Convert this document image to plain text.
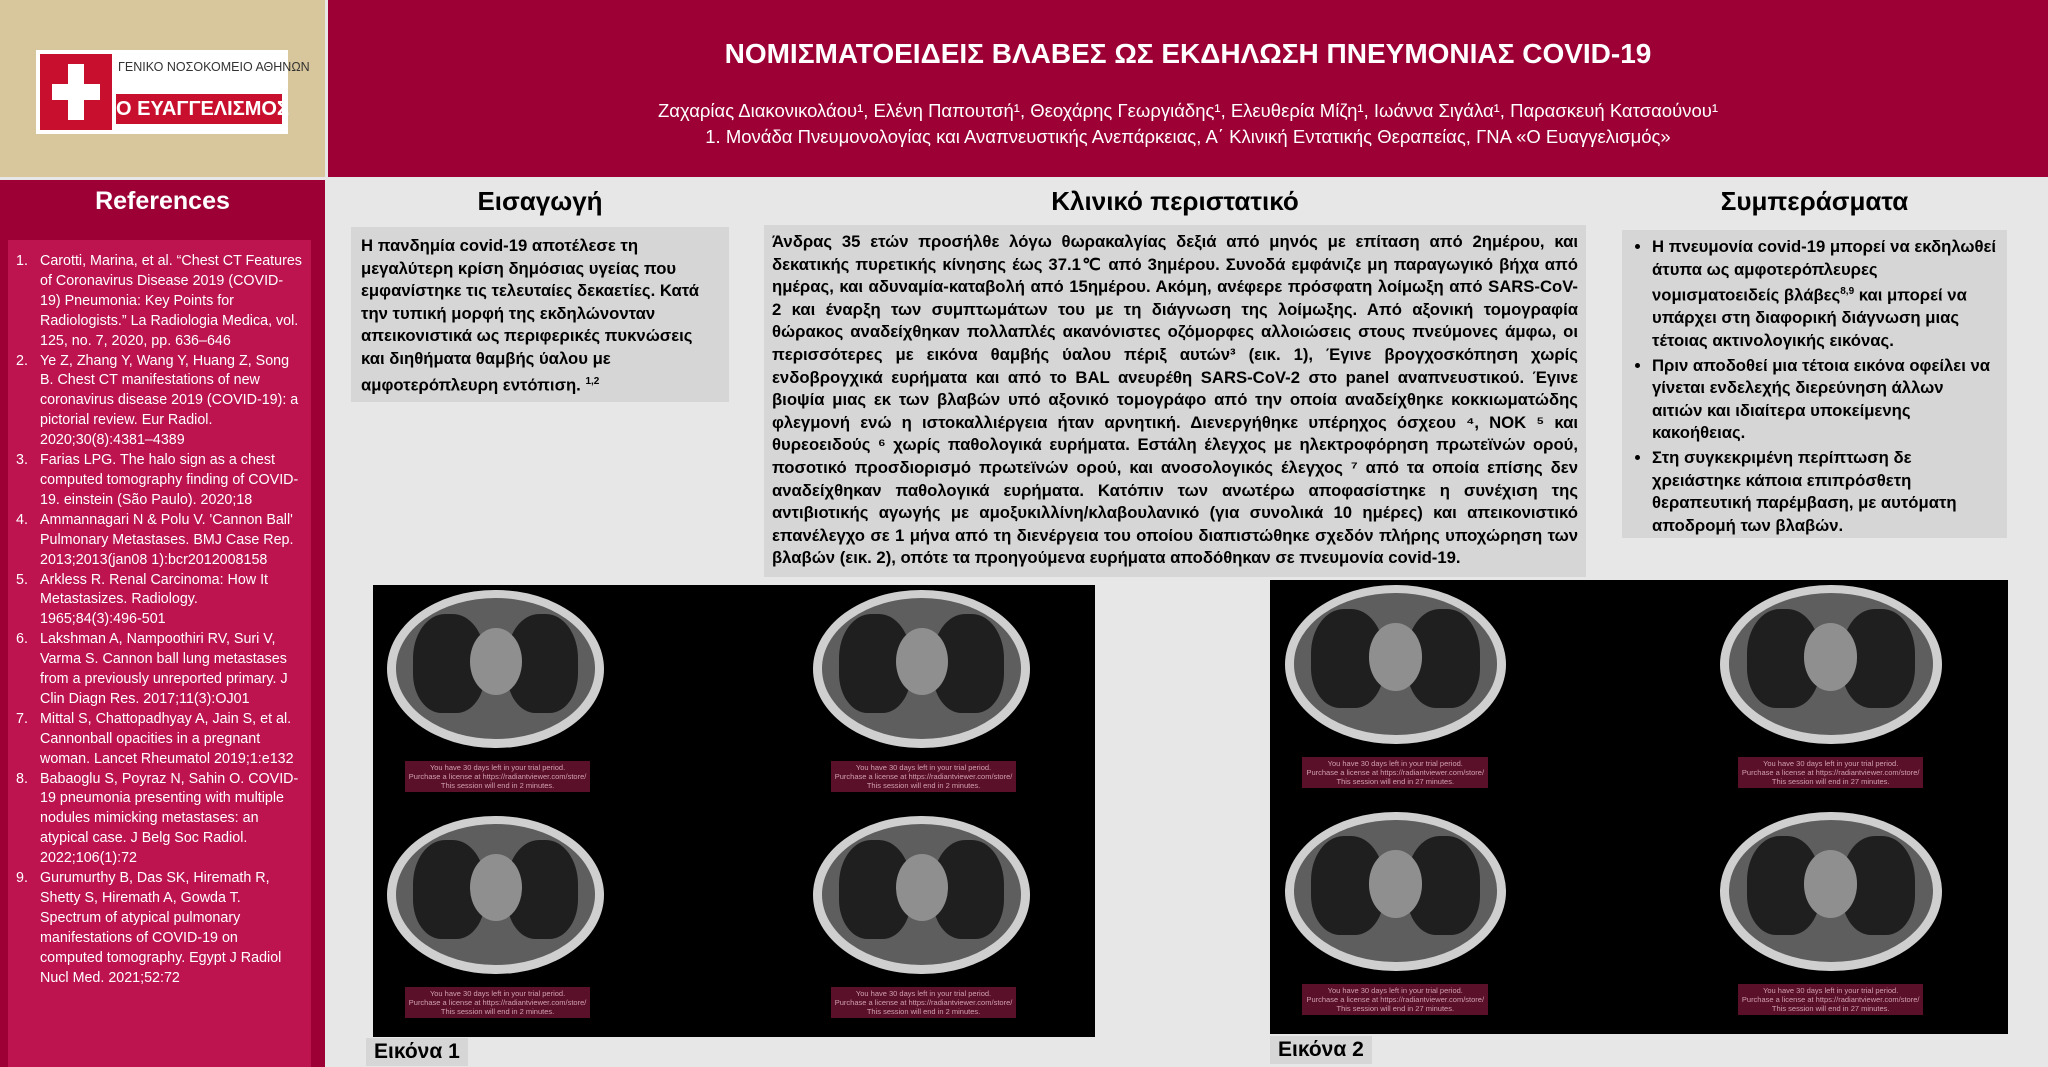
ΓΕΝΙΚΟ ΝΟΣΟΚΟΜΕΙΟ ΑΘΗΝΩΝ
Ο ΕΥΑΓΓΕΛΙΣΜΟΣ
ΝΟΜΙΣΜΑΤΟΕΙΔΕΙΣ ΒΛΑΒΕΣ ΩΣ ΕΚΔΗΛΩΣΗ ΠΝΕΥΜΟΝΙΑΣ COVID-19
Ζαχαρίας Διακονικολάου¹, Ελένη Παπουτσή¹, Θεοχάρης Γεωργιάδης¹, Ελευθερία Μίζη¹, Ιωάννα Σιγάλα¹, Παρασκευή Κατσαούνου¹
1. Μονάδα Πνευμονολογίας και Αναπνευστικής Ανεπάρκειας, Α΄ Κλινική Εντατικής Θεραπείας, ΓΝΑ «Ο Ευαγγελισμός»
References
1. Carotti, Marina, et al. “Chest CT Features of Coronavirus Disease 2019 (COVID-19) Pneumonia: Key Points for Radiologists.” La Radiologia Medica, vol. 125, no. 7, 2020, pp. 636–646
2. Ye Z, Zhang Y, Wang Y, Huang Z, Song B. Chest CT manifestations of new coronavirus disease 2019 (COVID-19): a pictorial review. Eur Radiol. 2020;30(8):4381–4389
3. Farias LPG. The halo sign as a chest computed tomography finding of COVID-19. einstein (São Paulo). 2020;18
4. Ammannagari N & Polu V. 'Cannon Ball' Pulmonary Metastases. BMJ Case Rep. 2013;2013(jan08 1):bcr2012008158
5. Arkless R. Renal Carcinoma: How It Metastasizes. Radiology. 1965;84(3):496-501
6. Lakshman A, Nampoothiri RV, Suri V, Varma S. Cannon ball lung metastases from a previously unreported primary. J Clin Diagn Res. 2017;11(3):OJ01
7. Mittal S, Chattopadhyay A, Jain S, et al. Cannonball opacities in a pregnant woman. Lancet Rheumatol 2019;1:e132
8. Babaoglu S, Poyraz N, Sahin O. COVID-19 pneumonia presenting with multiple nodules mimicking metastases: an atypical case. J Belg Soc Radiol. 2022;106(1):72
9. Gurumurthy B, Das SK, Hiremath R, Shetty S, Hiremath A, Gowda T. Spectrum of atypical pulmonary manifestations of COVID-19 on computed tomography. Egypt J Radiol Nucl Med. 2021;52:72
Εισαγωγή
Η πανδημία covid-19 αποτέλεσε τη μεγαλύτερη κρίση δημόσιας υγείας που εμφανίστηκε τις τελευταίες δεκαετίες. Κατά την τυπική μορφή της εκδηλώνονταν απεικονιστικά ως περιφερικές πυκνώσεις και διηθήματα θαμβής ύαλου με αμφοτερόπλευρη εντόπιση. $^{1,2}$
Κλινικό περιστατικό
Άνδρας 35 ετών προσήλθε λόγω θωρακαλγίας δεξιά από μηνός με επίταση από 2ημέρου, και δεκατικής πυρετικής κίνησης έως 37.1℃ από 3ημέρου. Συνοδά εμφάνιζε μη παραγωγικό βήχα από ημέρας, και αδυναμία-καταβολή από 15ημέρου. Ακόμη, ανέφερε πρόσφατη λοίμωξη από SARS-CoV-2 και έναρξη των συμπτωμάτων του με τη διάγνωση της λοίμωξης. Από αξονική τομογραφία θώρακος αναδείχθηκαν πολλαπλές ακανόνιστες οζόμορφες αλλοιώσεις στους πνεύμονες άμφω, οι περισσότερες με εικόνα θαμβής ύαλου πέριξ αυτών³ (εικ. 1), Έγινε βρογχοσκόπηση χωρίς ενδοβρογχικά ευρήματα και από το BAL ανευρέθη SARS-CoV-2 στο panel αναπνευστικού. Έγινε βιοψία μιας εκ των βλαβών υπό αξονικό τομογράφο από την οποία αναδείχθηκε κοκκιωματώδης φλεγμονή ενώ η ιστοκαλλιέργεια ήταν αρνητική. Διενεργήθηκε υπέρηχος όσχεου ⁴, ΝΟΚ ⁵ και θυρεοειδούς ⁶ χωρίς παθολογικά ευρήματα. Εστάλη έλεγχος με ηλεκτροφόρηση πρωτεϊνών ορού, ποσοτικό προσδιορισμό πρωτεϊνών ορού, και ανοσολογικός έλεγχος ⁷ από τα οποία επίσης δεν αναδείχθηκαν παθολογικά ευρήματα. Κατόπιν των ανωτέρω αποφασίστηκε η συνέχιση της αντιβιοτικής αγωγής με αμοξυκιλλίνη/κλαβουλανικό (για συνολικά 10 ημέρες) και απεικονιστικό επανέλεγχο σε 1 μήνα από τη διενέργεια του οποίου διαπιστώθηκε σχεδόν πλήρης υποχώρηση των βλαβών (εικ. 2), οπότε τα προηγούμενα ευρήματα αποδόθηκαν σε πνευμονία covid-19.
Συμπεράσματα
• Η πνευμονία covid-19 μπορεί να εκδηλωθεί άτυπα ως αμφοτερόπλευρες νομισματοειδείς βλάβες$^{8,9}$ και μπορεί να υπάρχει στη διαφορική διάγνωση μιας τέτοιας ακτινολογικής εικόνας.
• Πριν αποδοθεί μια τέτοια εικόνα οφείλει να γίνεται ενδελεχής διερεύνηση άλλων αιτιών και ιδιαίτερα υποκείμενης κακοήθειας.
• Στη συγκεκριμένη περίπτωση δε χρειάστηκε κάποια επιπρόσθετη θεραπευτική παρέμβαση, με αυτόματη αποδρομή των βλαβών.
You have 30 days left in your trial period.
Purchase a license at https://radiantviewer.com/store/
This session will end in 2 minutes.
You have 30 days left in your trial period.
Purchase a license at https://radiantviewer.com/store/
This session will end in 2 minutes.
You have 30 days left in your trial period.
Purchase a license at https://radiantviewer.com/store/
This session will end in 2 minutes.
You have 30 days left in your trial period.
Purchase a license at https://radiantviewer.com/store/
This session will end in 2 minutes.
Εικόνα 1
You have 30 days left in your trial period.
Purchase a license at https://radiantviewer.com/store/
This session will end in 27 minutes.
You have 30 days left in your trial period.
Purchase a license at https://radiantviewer.com/store/
This session will end in 27 minutes.
You have 30 days left in your trial period.
Purchase a license at https://radiantviewer.com/store/
This session will end in 27 minutes.
You have 30 days left in your trial period.
Purchase a license at https://radiantviewer.com/store/
This session will end in 27 minutes.
Εικόνα 2
